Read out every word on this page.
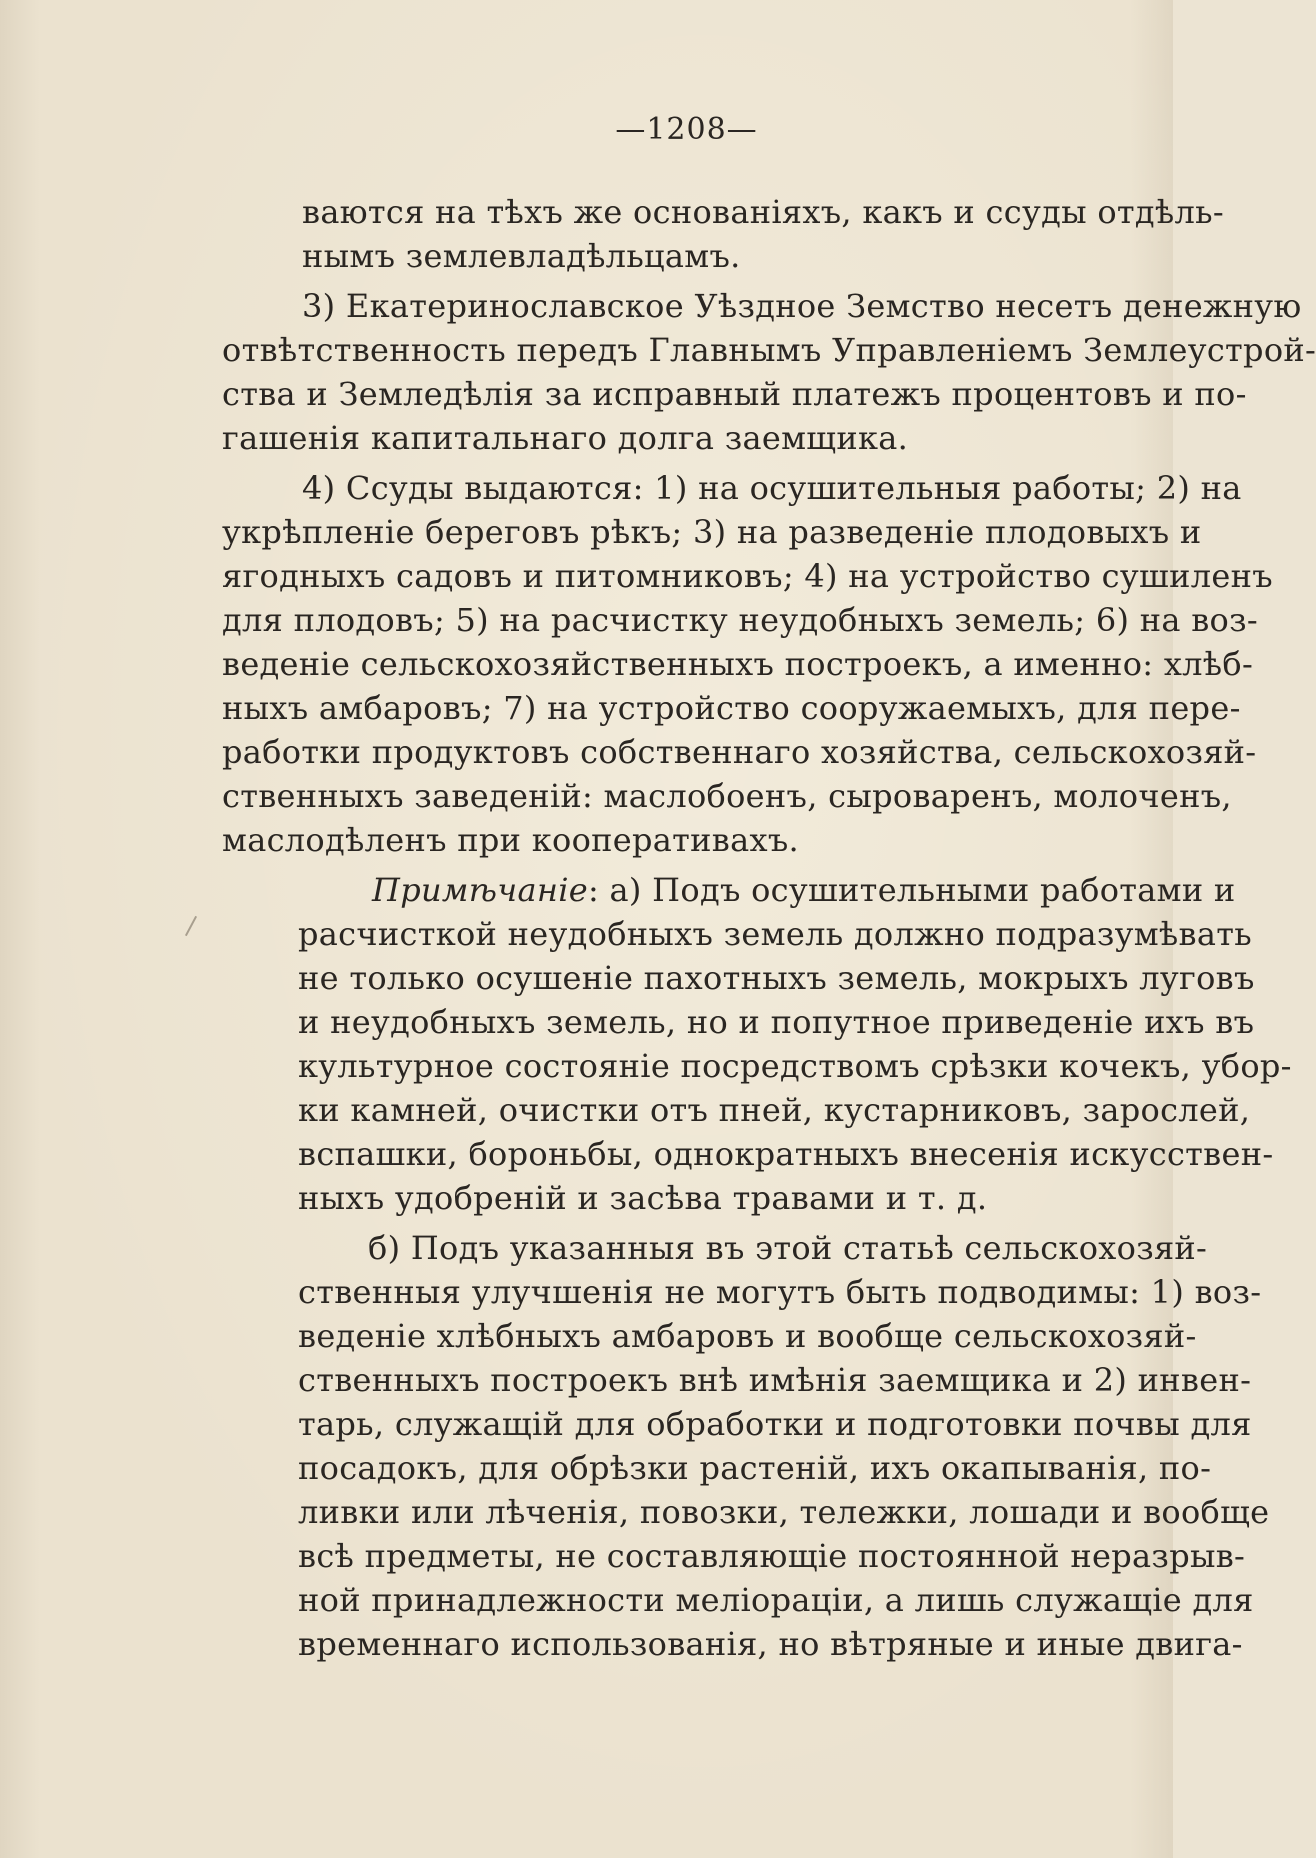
—1208—
ваются на тѣхъ же основаніяхъ, какъ и ссуды отдѣль-
нымъ землевладѣльцамъ.
3) Екатеринославское Уѣздное Земство несетъ денежную
отвѣтственность передъ Главнымъ Управленіемъ Землеустрой-
ства и Земледѣлія за исправный платежъ процентовъ и по-
гашенія капитальнаго долга заемщика.
4) Ссуды выдаются: 1) на осушительныя работы; 2) на
укрѣпленіе береговъ рѣкъ; 3) на разведеніе плодовыхъ и
ягодныхъ садовъ и питомниковъ; 4) на устройство сушиленъ
для плодовъ; 5) на расчистку неудобныхъ земель; 6) на воз-
веденіе сельскохозяйственныхъ построекъ, а именно: хлѣб-
ныхъ амбаровъ; 7) на устройство сооружаемыхъ, для пере-
работки продуктовъ собственнаго хозяйства, сельскохозяй-
ственныхъ заведеній: маслобоенъ, сыроваренъ, молоченъ,
маслодѣленъ при кооперативахъ.
Примѣчаніе: а) Подъ осушительными работами и
расчисткой неудобныхъ земель должно подразумѣвать
не только осушеніе пахотныхъ земель, мокрыхъ луговъ
и неудобныхъ земель, но и попутное приведеніе ихъ въ
культурное состояніе посредствомъ срѣзки кочекъ, убор-
ки камней, очистки отъ пней, кустарниковъ, зарослей,
вспашки, бороньбы, однократныхъ внесенія искусствен-
ныхъ удобреній и засѣва травами и т. д.
б) Подъ указанныя въ этой статьѣ сельскохозяй-
ственныя улучшенія не могутъ быть подводимы: 1) воз-
веденіе хлѣбныхъ амбаровъ и вообще сельскохозяй-
ственныхъ построекъ внѣ имѣнія заемщика и 2) инвен-
тарь, служащій для обработки и подготовки почвы для
посадокъ, для обрѣзки растеній, ихъ окапыванія, по-
ливки или лѣченія, повозки, тележки, лошади и вообще
всѣ предметы, не составляющіе постоянной неразрыв-
ной принадлежности меліораціи, а лишь служащіе для
временнаго использованія, но вѣтряные и иные двига-
